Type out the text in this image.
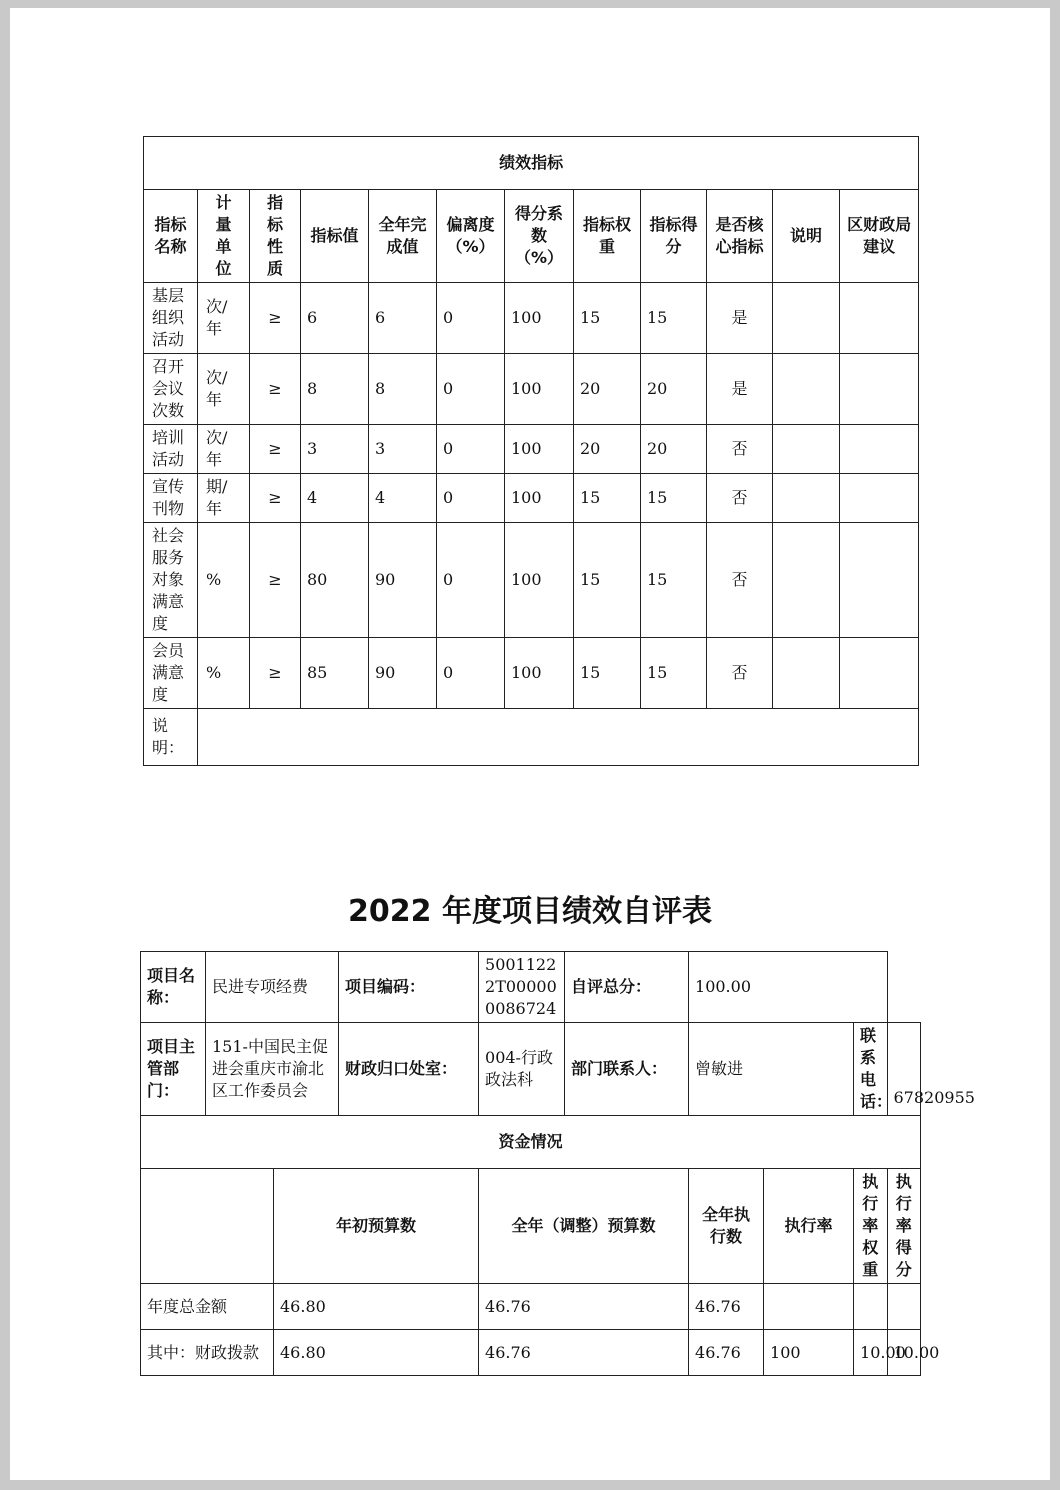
绩效指标											
指标名称	计量单位	指标性质	指标值	全年完成值	偏离度（%）	得分系数（%）	指标权重	指标得分	是否核心指标	说明	区财政局建议
基层组织活动	次/年	≥	6	6	0	100	15	15	是		
召开会议次数	次/年	≥	8	8	0	100	20	20	是		
培训活动	次/年	≥	3	3	0	100	20	20	否		
宣传刊物	期/年	≥	4	4	0	100	15	15	否		
社会服务对象满意度	%	≥	80	90	0	100	15	15	否		
会员满意度	%	≥	85	90	0	100	15	15	否		
说明：											
2022 年度项目绩效自评表
项目名称：	民进专项经费		项目编码：	50011222T000000086724	自评总分：	100.00			
项目主管部门：	151-中国民主促进会重庆市渝北区工作委员会		财政归口处室：	004-行政政法科	部门联系人：	曾敏进		联系电话：	67820955
资金情况									
		年初预算数		全年（调整）预算数		全年执行数	执行率	执行率权重	执行率得分
年度总金额		46.80		46.76		46.76			
其中：财政拨款		46.80		46.76		46.76	100	10.00	10.00
